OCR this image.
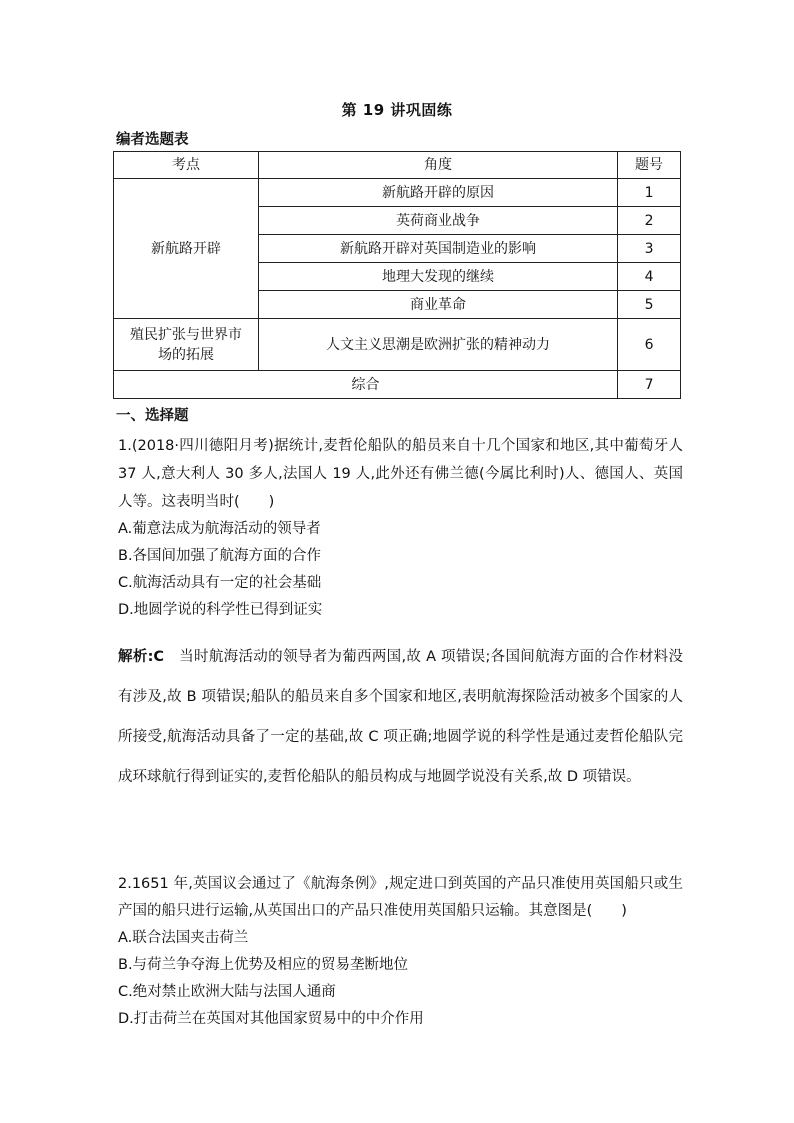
第 19 讲巩固练
编者选题表
考点	角度	题号
新航路开辟	新航路开辟的原因	1
	英荷商业战争	2
	新航路开辟对英国制造业的影响	3
	地理大发现的继续	4
	商业革命	5

殖民扩张与世界市场的拓展	人文主义思潮是欧洲扩张的精神动力	6
综合		7
一、选择题
1.(2018·四川德阳月考)据统计,麦哲伦船队的船员来自十几个国家和地区,其中葡萄牙人 37 人,意大利人 30 多人,法国人 19 人,此外还有佛兰德(今属比利时)人、德国人、英国人等。这表明当时(　　)
A.葡意法成为航海活动的领导者
B.各国间加强了航海方面的合作
C.航海活动具有一定的社会基础
D.地圆学说的科学性已得到证实
解析:C　当时航海活动的领导者为葡西两国,故 A 项错误;各国间航海方面的合作材料没有涉及,故 B 项错误;船队的船员来自多个国家和地区,表明航海探险活动被多个国家的人所接受,航海活动具备了一定的基础,故 C 项正确;地圆学说的科学性是通过麦哲伦船队完成环球航行得到证实的,麦哲伦船队的船员构成与地圆学说没有关系,故 D 项错误。
2.1651 年,英国议会通过了《航海条例》,规定进口到英国的产品只准使用英国船只或生产国的船只进行运输,从英国出口的产品只准使用英国船只运输。其意图是(　　)
A.联合法国夹击荷兰
B.与荷兰争夺海上优势及相应的贸易垄断地位
C.绝对禁止欧洲大陆与法国人通商
D.打击荷兰在英国对其他国家贸易中的中介作用
